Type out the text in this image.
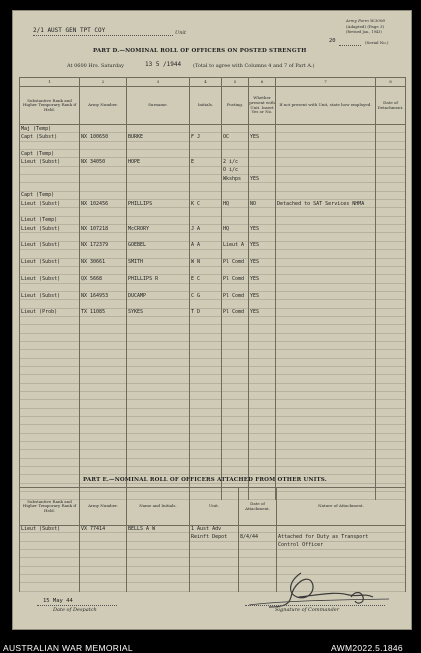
2/1 AUST GEN TPT COY	Unit
Army Form W.3008
(Adapted) (Page 3)
(Revised Jan., 1943)
20	(Serial No.)
PART D.—NOMINAL ROLL OF OFFICERS ON POSTED STRENGTH
At 0600 Hrs. Saturday	13 5 /1944 (Total to agree with Columns 4 and 7 of Part A.)
1	2	3	4	5	6	7	8

Substantive Rank and Higher Temporary Rank if Held.	Army Number.	Surname.	Initials.	Posting.	Whether present with Unit. Insert Yes or No.	If not present with Unit, state how employed.	Date of Detachment.
Maj (Temp)							

Capt (Subst)	NX 100650	BURKE	F J	OC	YES		

Capt (Temp)							

Lieut (Subst)	NX 34050	HOPE	E	2 i/c			

				O i/c			

				Wkshps	YES		

Capt (Temp)							

Lieut (Subst)	NX 102456	PHILLIPS	K C	HQ	NO	Detached to SAT Services NHMA	

Lieut (Temp)							

Lieut (Subst)	NX 107218	McCRORY	J A	HQ	YES		

Lieut (Subst)	NX 172379	GOEBEL	A A	Lieut A	YES		

Lieut (Subst)	NX 30661	SMITH	W N	Pl Comd	YES		

Lieut (Subst)	QX 5668	PHILLIPS R	E C	Pl Comd	YES		

Lieut (Subst)	NX 164953	DUCAMP	C G	Pl Comd	YES		

Lieut (Prob)	TX 11085	SYKES	T D	Pl Comd	YES		

PART E.—NOMINAL ROLL OF OFFICERS ATTACHED FROM OTHER UNITS.
Substantive Rank and Higher Temporary Rank if Held.

Army Number.	Name and Initials.	Unit.	Date of Attachment.	Nature of Attachment.
Lieut (Subst)	VX 77414	BELLS A W	1 Aust Adv		

			Reinft Depot	8/4/44	Attached for Duty as Transport

					Control Officer

15 May 44
Date of Despatch	Signature of Commander
AUSTRALIAN WAR MEMORIAL	AWM2022.5.1846
